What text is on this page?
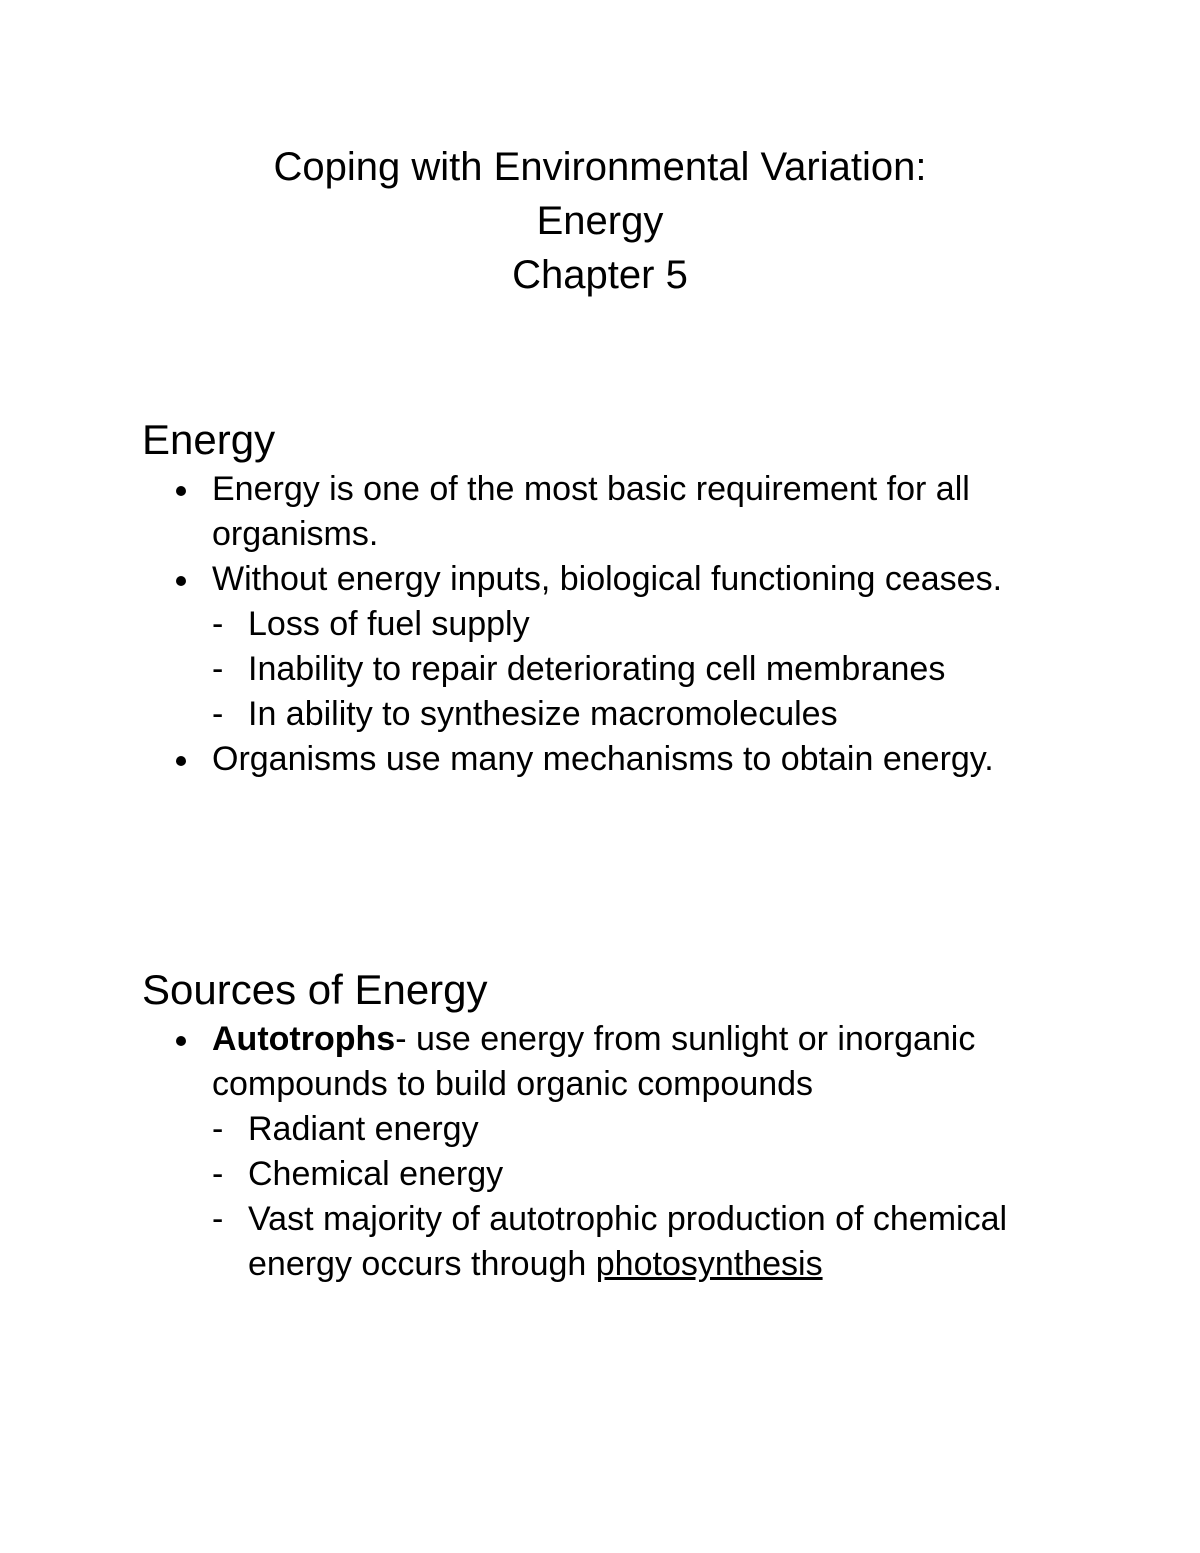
Coping with Environmental Variation:
Energy
Chapter 5
Energy
Energy is one of the most basic requirement for all organisms.
Without energy inputs, biological functioning ceases.
- Loss of fuel supply
- Inability to repair deteriorating cell membranes
- In ability to synthesize macromolecules
Organisms use many mechanisms to obtain energy.
Sources of Energy
Autotrophs- use energy from sunlight or inorganic compounds to build organic compounds
- Radiant energy
- Chemical energy
- Vast majority of autotrophic production of chemical energy occurs through photosynthesis
